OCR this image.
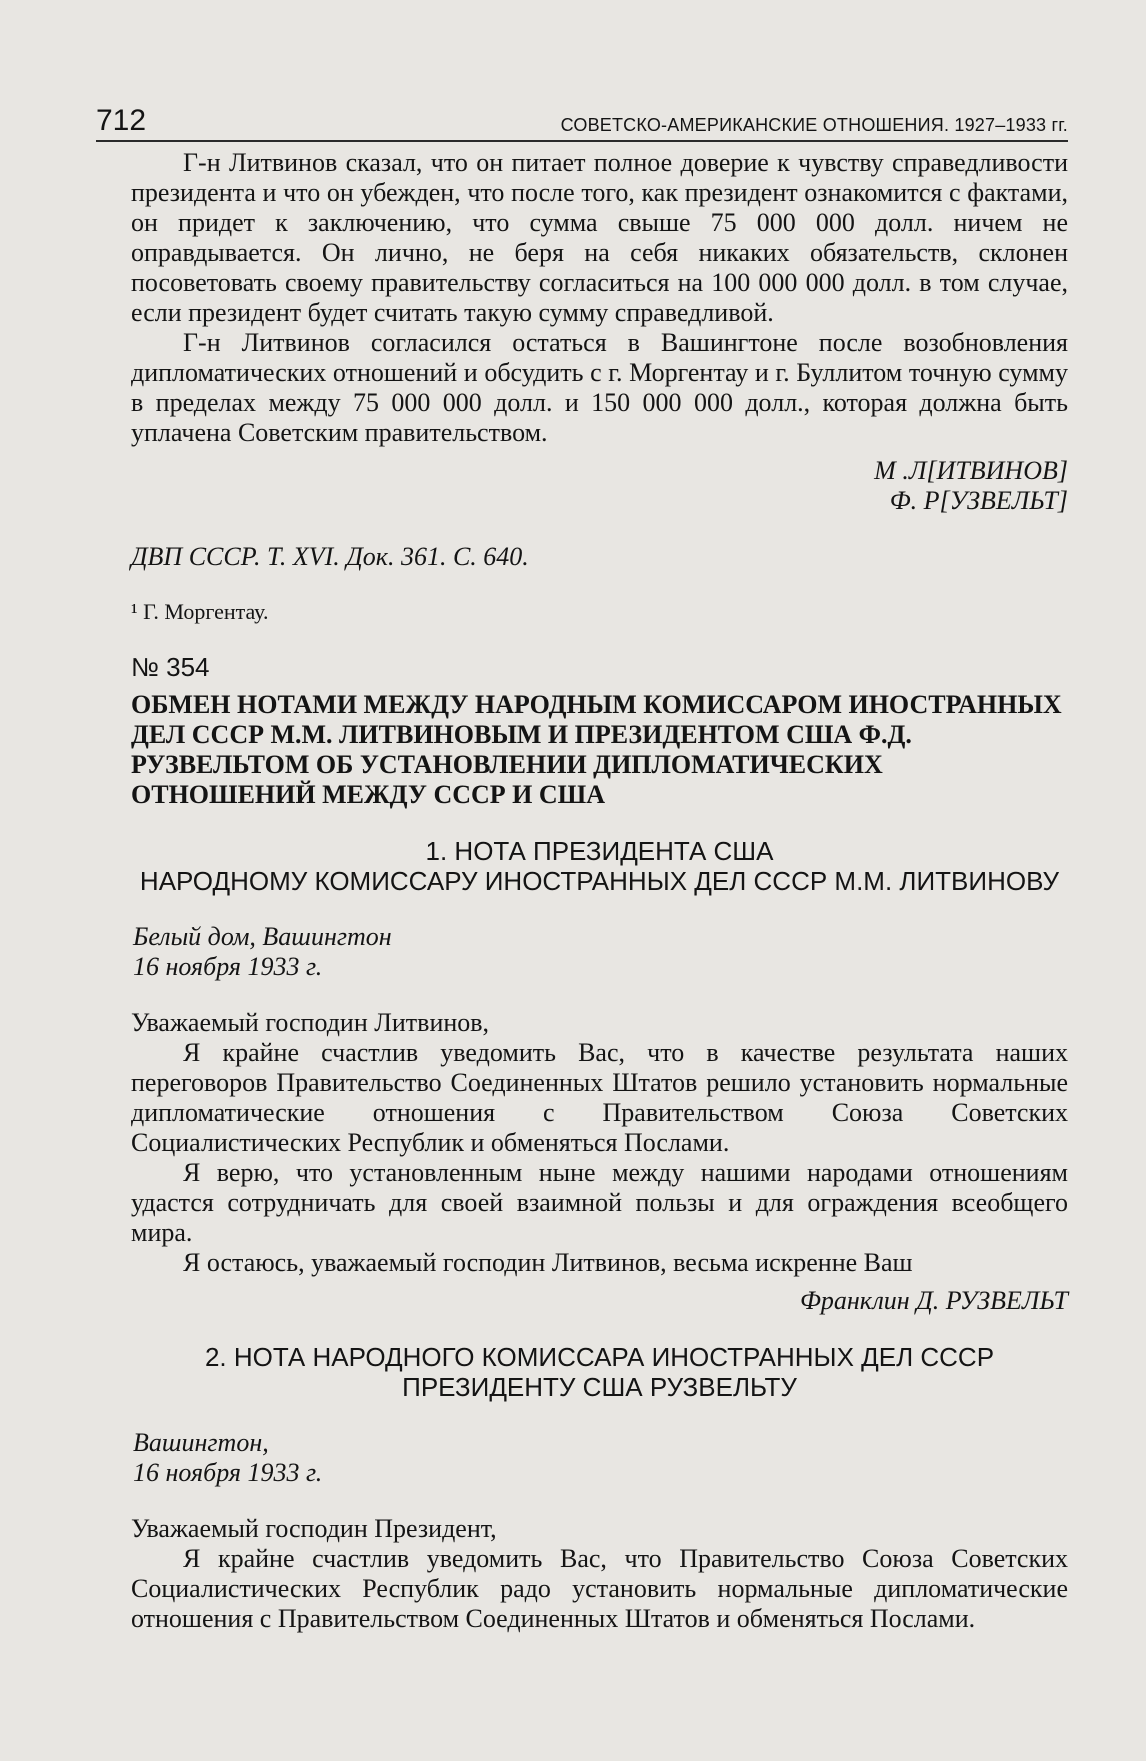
712	СОВЕТСКО-АМЕРИКАНСКИЕ ОТНОШЕНИЯ. 1927–1933 гг.

Г-н Литвинов сказал, что он питает полное доверие к чувству справедливости президента и что он убежден, что после того, как президент ознакомится с фактами, он придет к заключению, что сумма свыше 75 000 000 долл. ничем не оправдывается. Он лично, не беря на себя никаких обязательств, склонен посоветовать своему правительству согласиться на 100 000 000 долл. в том случае, если президент будет считать такую сумму справедливой.

Г-н Литвинов согласился остаться в Вашингтоне после возобновления дипломатических отношений и обсудить с г. Моргентау и г. Буллитом точную сумму в пределах между 75 000 000 долл. и 150 000 000 долл., которая должна быть уплачена Советским правительством.

М .Л[ИТВИНОВ]

Ф. Р[УЗВЕЛЬТ]

ДВП СССР. Т. XVI. Док. 361. С. 640.

¹ Г. Моргентау.

№ 354

ОБМЕН НОТАМИ МЕЖДУ НАРОДНЫМ КОМИССАРОМ ИНОСТРАННЫХ ДЕЛ СССР М.М. ЛИТВИНОВЫМ И ПРЕЗИДЕНТОМ США Ф.Д. РУЗВЕЛЬТОМ ОБ УСТАНОВЛЕНИИ ДИПЛОМАТИЧЕСКИХ ОТНОШЕНИЙ МЕЖДУ СССР И США

1. НОТА ПРЕЗИДЕНТА США

НАРОДНОМУ КОМИССАРУ ИНОСТРАННЫХ ДЕЛ СССР М.М. ЛИТВИНОВУ

Белый дом, Вашингтон

16 ноября 1933 г.

Уважаемый господин Литвинов,

Я крайне счастлив уведомить Вас, что в качестве результата наших переговоров Правительство Соединенных Штатов решило установить нормальные дипломатические отношения с Правительством Союза Советских Социалистических Республик и обменяться Послами.

Я верю, что установленным ныне между нашими народами отношениям удастся сотрудничать для своей взаимной пользы и для ограждения всеобщего мира.

Я остаюсь, уважаемый господин Литвинов, весьма искренне Ваш

Франклин Д. РУЗВЕЛЬТ

2. НОТА НАРОДНОГО КОМИССАРА ИНОСТРАННЫХ ДЕЛ СССР

ПРЕЗИДЕНТУ США РУЗВЕЛЬТУ

Вашингтон,

16 ноября 1933 г.

Уважаемый господин Президент,

Я крайне счастлив уведомить Вас, что Правительство Союза Советских Социалистических Республик радо установить нормальные дипломатические отношения с Правительством Соединенных Штатов и обменяться Послами.
